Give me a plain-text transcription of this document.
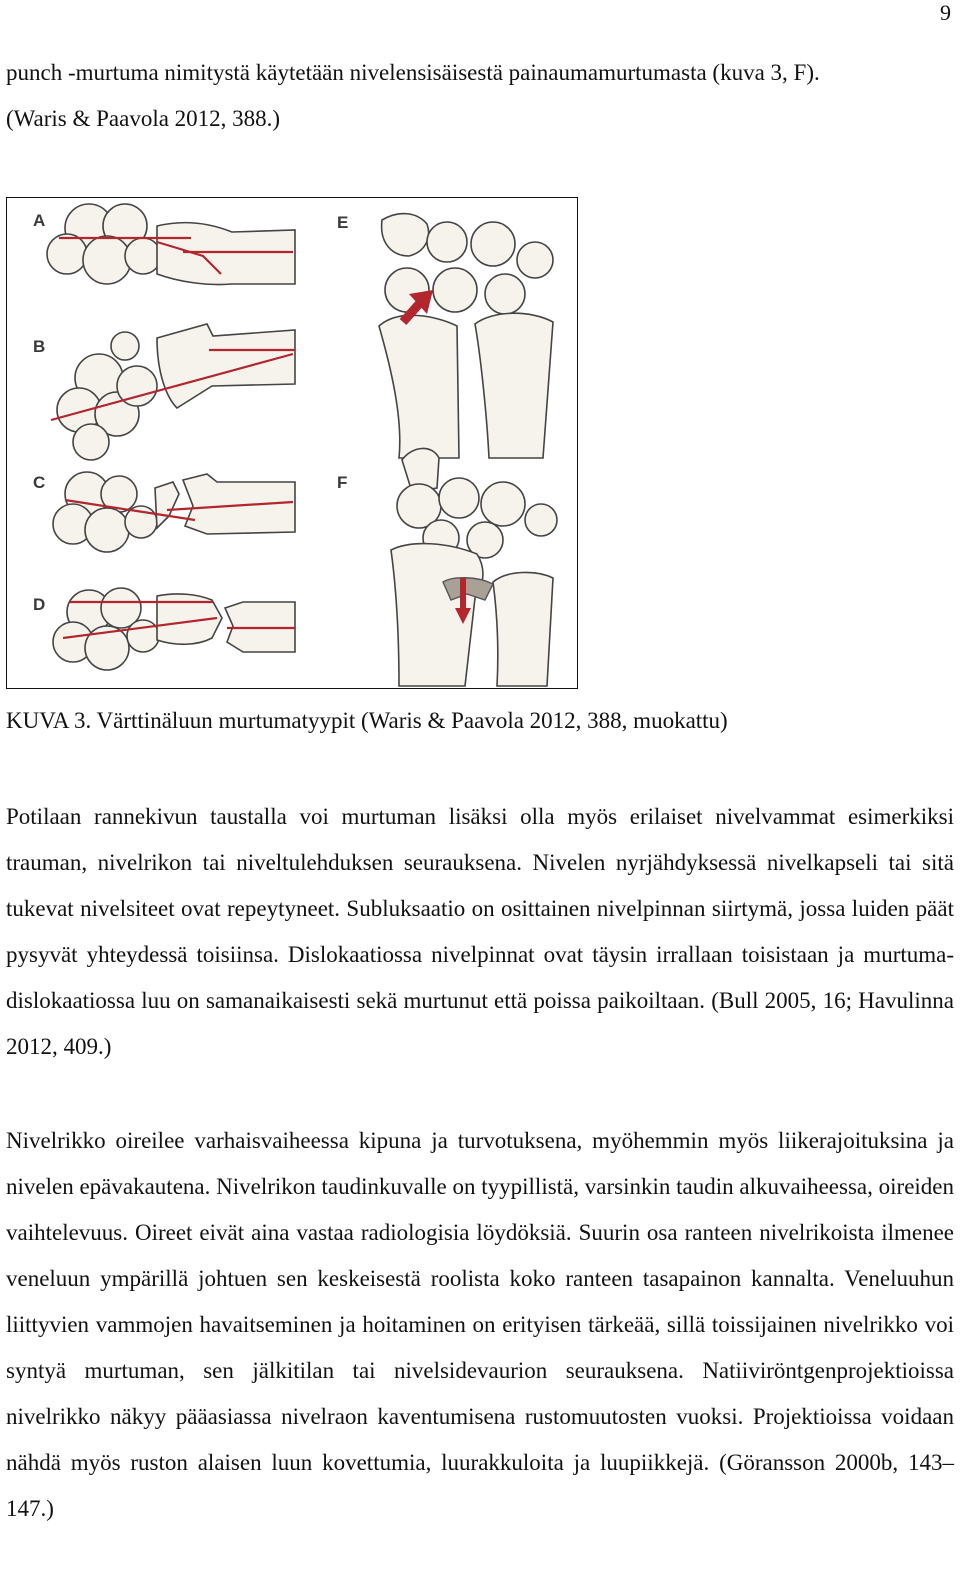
9
punch -murtuma nimitystä käytetään nivelensisäisestä painaumamurtumasta (kuva 3, F).
(Waris & Paavola 2012, 388.)
A
B
C
D
E
F
KUVA 3. Värttinäluun murtumatyypit (Waris & Paavola 2012, 388, muokattu)
Potilaan rannekivun taustalla voi murtuman lisäksi olla myös erilaiset nivelvammat esimerkiksi trauman, nivelrikon tai niveltulehduksen seurauksena. Nivelen nyrjähdyksessä nivelkapseli tai sitä tukevat nivelsiteet ovat repeytyneet. Subluksaatio on osittainen nivelpinnan siirtymä, jossa luiden päät pysyvät yhteydessä toisiinsa. Dislokaatiossa nivelpinnat ovat täysin irrallaan toisistaan ja murtuma-dislokaatiossa luu on samanaikaisesti sekä murtunut että poissa paikoiltaan. (Bull 2005, 16; Havulinna 2012, 409.)
Nivelrikko oireilee varhaisvaiheessa kipuna ja turvotuksena, myöhemmin myös liikerajoituksina ja nivelen epävakautena. Nivelrikon taudinkuvalle on tyypillistä, varsinkin taudin alkuvaiheessa, oireiden vaihtelevuus. Oireet eivät aina vastaa radiologisia löydöksiä. Suurin osa ranteen nivelrikoista ilmenee veneluun ympärillä johtuen sen keskeisestä roolista koko ranteen tasapainon kannalta. Veneluuhun liittyvien vammojen havaitseminen ja hoitaminen on erityisen tärkeää, sillä toissijainen nivelrikko voi syntyä murtuman, sen jälkitilan tai nivelsidevaurion seurauksena. Natiiviröntgenprojektioissa nivelrikko näkyy pääasiassa nivelraon kaventumisena rustomuutosten vuoksi. Projektioissa voidaan nähdä myös ruston alaisen luun kovettumia, luurakkuloita ja luupiikkejä. (Göransson 2000b, 143–147.)
